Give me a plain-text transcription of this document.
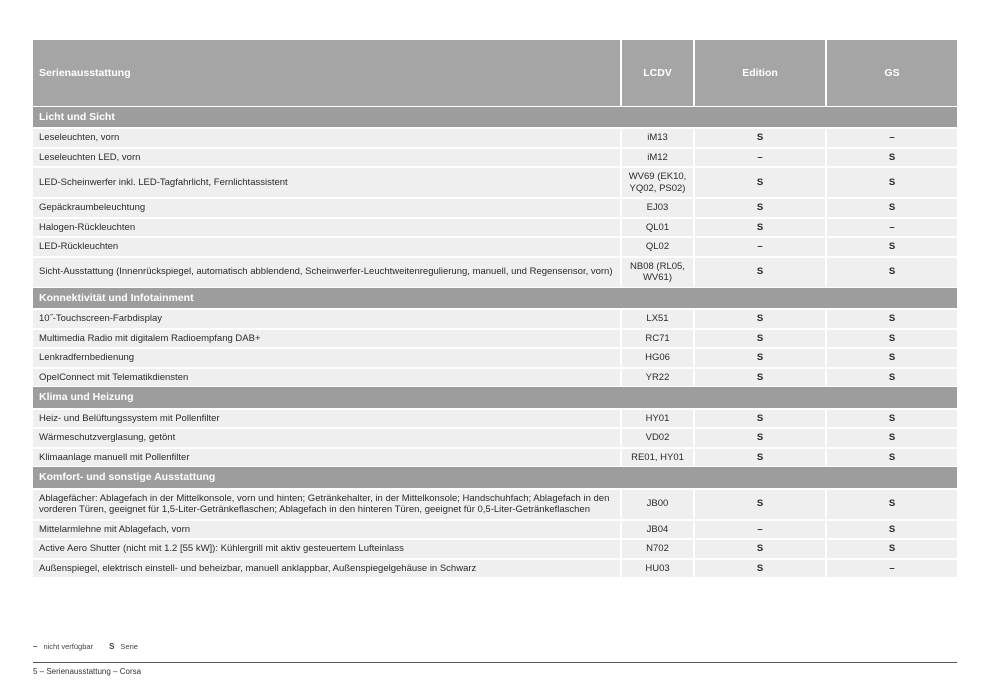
Serienausstattung	LCDV	Edition	GS
Licht und Sicht			
Leseleuchten, vorn	iM13	S	–
Leseleuchten LED, vorn	iM12	–	S
LED-Scheinwerfer inkl. LED-Tagfahrlicht, Fernlichtassistent	WV69 (EK10, YQ02, PS02)	S	S
Gepäckraumbeleuchtung	EJ03	S	S
Halogen-Rückleuchten	QL01	S	–
LED-Rückleuchten	QL02	–	S
Sicht-Ausstattung (Innenrückspiegel, automatisch abblendend, Scheinwerfer-Leuchtweitenregulierung, manuell, und Regensensor, vorn)	NB08 (RL05, WV61)	S	S
Konnektivität und Infotainment			
10˝-Touchscreen-Farbdisplay	LX51	S	S
Multimedia Radio mit digitalem Radioempfang DAB+	RC71	S	S
Lenkradfernbedienung	HG06	S	S
OpelConnect mit Telematikdiensten	YR22	S	S
Klima und Heizung			
Heiz- und Belüftungssystem mit Pollenfilter	HY01	S	S
Wärmeschutzverglasung, getönt	VD02	S	S
Klimaanlage manuell mit Pollenfilter	RE01, HY01	S	S
Komfort- und sonstige Ausstattung			
Ablagefächer: Ablagefach in der Mittelkonsole, vorn und hinten; Getränkehalter, in der Mittelkonsole; Handschuhfach; Ablagefach in den vorderen Türen, geeignet für 1,5-Liter-Getränkeflaschen; Ablagefach in den hinteren Türen, geeignet für 0,5-Liter-Getränkeflaschen	JB00	S	S
Mittelarmlehne mit Ablagefach, vorn	JB04	–	S
Active Aero Shutter (nicht mit 1.2 [55 kW]): Kühlergrill mit aktiv gesteuertem Lufteinlass	N702	S	S
Außenspiegel, elektrisch einstell- und beheizbar, manuell anklappbar, Außenspiegelgehäuse in Schwarz	HU03	S	–
– nicht verfügbar S Serie
5 – Serienausstattung – Corsa
